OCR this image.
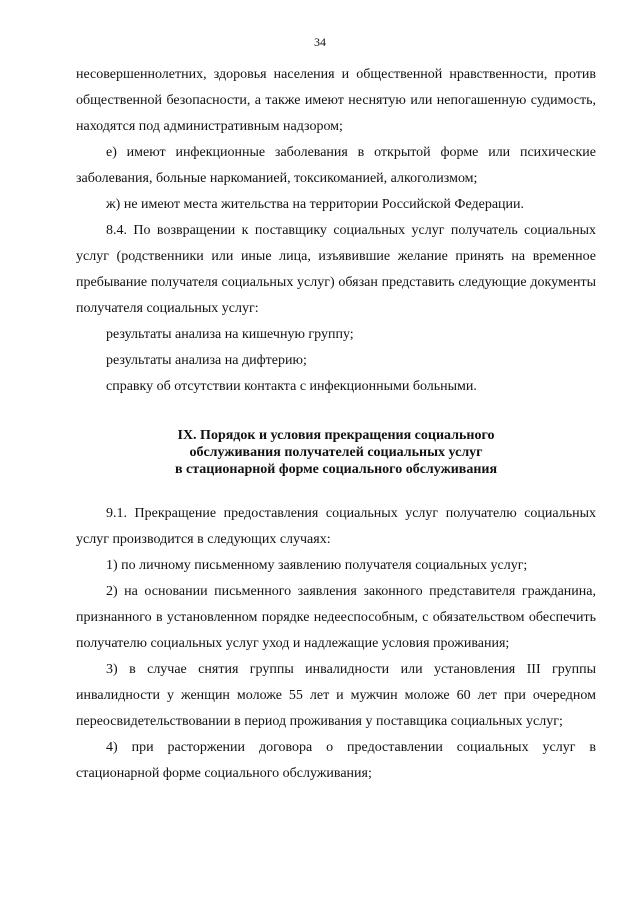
34

несовершеннолетних, здоровья населения и общественной нравственности, против общественной безопасности, а также имеют неснятую или непогашенную судимость, находятся под административным надзором;

е) имеют инфекционные заболевания в открытой форме или психические заболевания, больные наркоманией, токсикоманией, алкоголизмом;

ж) не имеют места жительства на территории Российской Федерации.

8.4. По возвращении к поставщику социальных услуг получатель социальных услуг (родственники или иные лица, изъявившие желание принять на временное пребывание получателя социальных услуг) обязан представить следующие документы получателя социальных услуг:

результаты анализа на кишечную группу;

результаты анализа на дифтерию;

справку об отсутствии контакта с инфекционными больными.

IX. Порядок и условия прекращения социального
обслуживания получателей социальных услуг
в стационарной форме социального обслуживания

9.1. Прекращение предоставления социальных услуг получателю социальных услуг производится в следующих случаях:

1) по личному письменному заявлению получателя социальных услуг;

2) на основании письменного заявления законного представителя гражданина, признанного в установленном порядке недееспособным, с обязательством обеспечить получателю социальных услуг уход и надлежащие условия проживания;

3) в случае снятия группы инвалидности или установления III группы инвалидности у женщин моложе 55 лет и мужчин моложе 60 лет при очередном переосвидетельствовании в период проживания у поставщика социальных услуг;

4) при расторжении договора о предоставлении социальных услуг в стационарной форме социального обслуживания;
